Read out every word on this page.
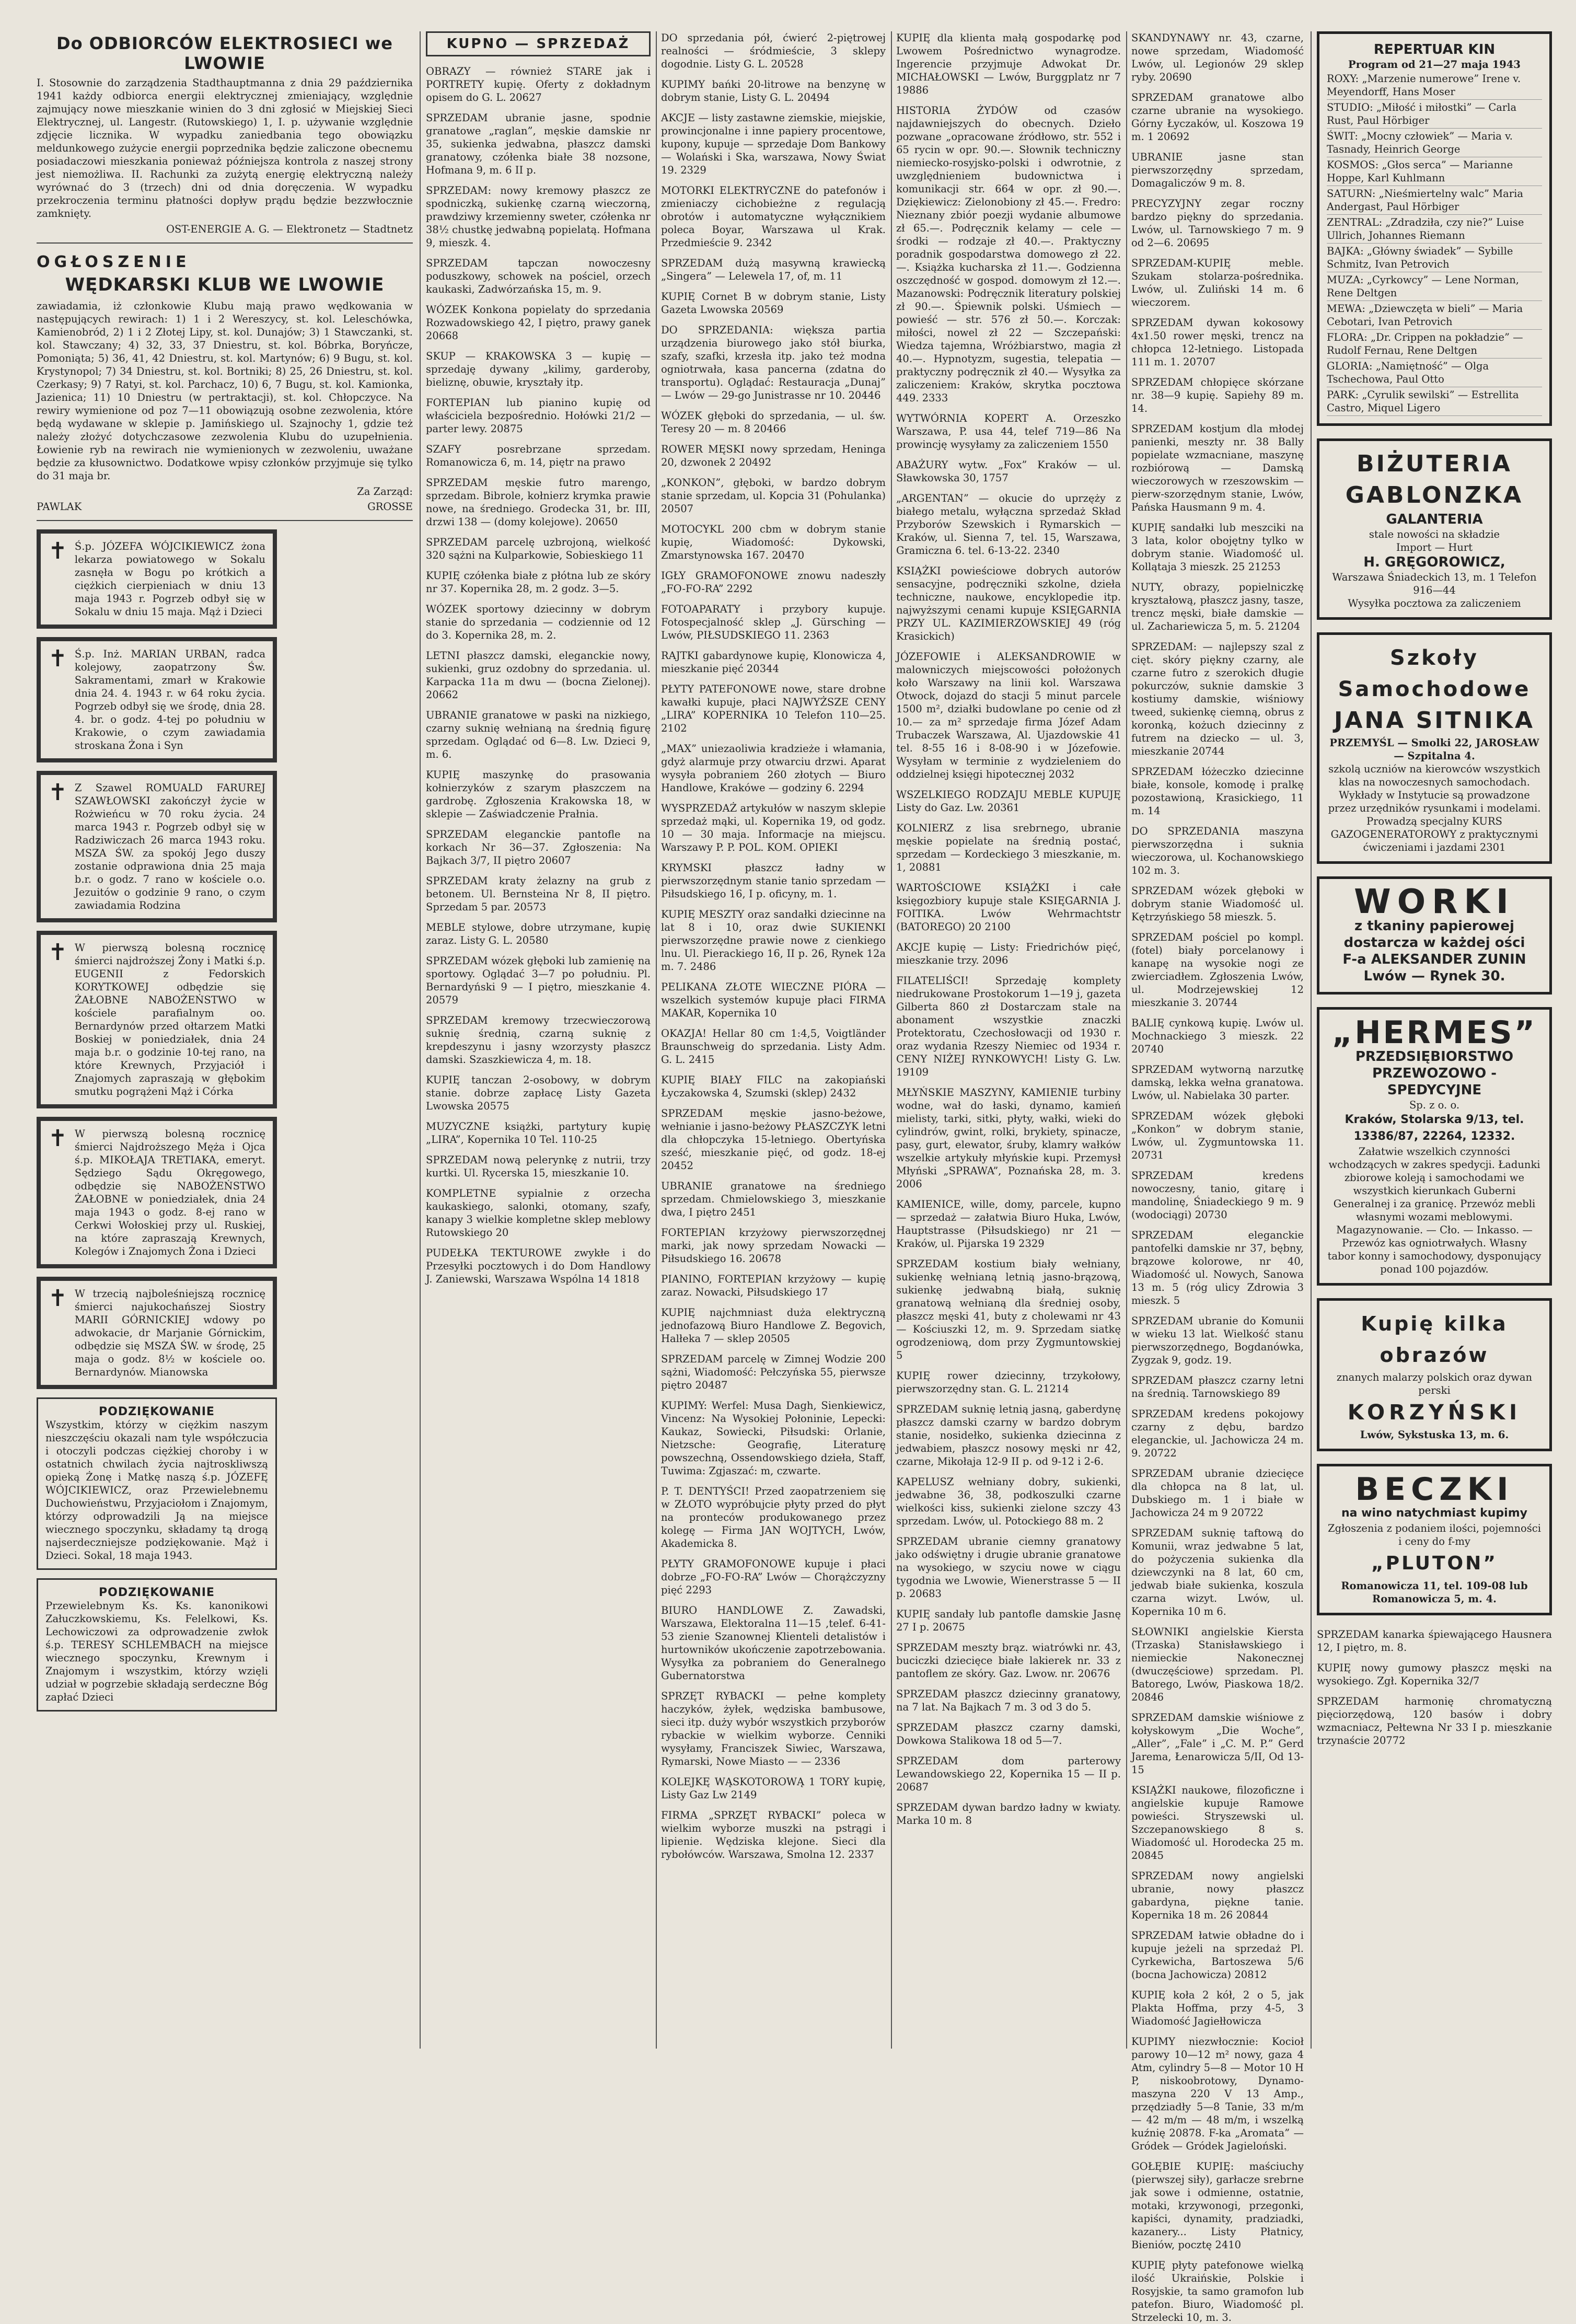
Do ODBIORCÓW ELEKTROSIECI we LWOWIE

I. Stosownie do zarządzenia Stadthauptmanna z dnia 29 października 1941 każdy odbiorca energii elektrycznej zmieniający, względnie zajmujący nowe mieszkanie winien do 3 dni zgłosić w Miejskiej Sieci Elektrycznej, ul. Langestr. (Rutowskiego) 1, I. p. używanie względnie zdjęcie licznika. W wypadku zaniedbania tego obowiązku meldunkowego zużycie energii poprzednika będzie zaliczone obecnemu posiadaczowi mieszkania ponieważ późniejsza kontrola z naszej strony jest niemożliwa. II. Rachunki za zużytą energię elektryczną należy wyrównać do 3 (trzech) dni od dnia doręczenia. W wypadku przekroczenia terminu płatności dopływ prądu będzie bezzwłocznie zamknięty.

OST-ENERGIE A. G. — Elektronetz — Stadtnetz
OGŁOSZENIE
WĘDKARSKI KLUB WE LWOWIE

zawiadamia, iż członkowie Klubu mają prawo wędkowania w następujących rewirach: 1) 1 i 2 Wereszycy, st. kol. Leleschówka, Kamienobród, 2) 1 i 2 Złotej Lipy, st. kol. Dunajów; 3) 1 Stawczanki, st. kol. Stawczany; 4) 32, 33, 37 Dniestru, st. kol. Bóbrka, Boryńcze, Pomoniąta; 5) 36, 41, 42 Dniestru, st. kol. Martynów; 6) 9 Bugu, st. kol. Krystynopol; 7) 34 Dniestru, st. kol. Bortniki; 8) 25, 26 Dniestru, st. kol. Czerkasy; 9) 7 Ratyi, st. kol. Parchacz, 10) 6, 7 Bugu, st. kol. Kamionka, Jazienica; 11) 10 Dniestru (w pertraktacji), st. kol. Chłopczyce. Na rewiry wymienione od poz 7—11 obowiązują osobne zezwolenia, które będą wydawane w sklepie p. Jamińskiego ul. Szajnochy 1, gdzie też należy złożyć dotychczasowe zezwolenia Klubu do uzupełnienia. Łowienie ryb na rewirach nie wymienionych w zezwoleniu, uważane będzie za kłusownictwo. Dodatkowe wpisy członków przyjmuje się tylko do 31 maja br.

Za Zarząd:
PAWLAK	GROSSE
✝ Ś.p. JÓZEFA WÓJCIKIEWICZ żona lekarza powiatowego w Sokalu zasnęła w Bogu po krótkich a ciężkich cierpieniach w dniu 13 maja 1943 r. Pogrzeb odbył się w Sokalu w dniu 15 maja. Mąż i Dzieci

✝ Ś.p. Inż. MARIAN URBAN, radca kolejowy, zaopatrzony Św. Sakramentami, zmarł w Krakowie dnia 24. 4. 1943 r. w 64 roku życia. Pogrzeb odbył się we środę, dnia 28. 4. br. o godz. 4-tej po południu w Krakowie, o czym zawiadamia stroskana Żona i Syn

✝ Z Szawel ROMUALD FARUREJ SZAWŁOWSKI zakończył życie w Rożwieńcu w 70 roku życia. 24 marca 1943 r. Pogrzeb odbył się w Radziwiczach 26 marca 1943 roku. MSZA ŚW. za spokój Jego duszy zostanie odprawiona dnia 25 maja b.r. o godz. 7 rano w kościele o.o. Jezuitów o godzinie 9 rano, o czym zawiadamia Rodzina

✝ W pierwszą bolesną rocznicę śmierci najdroższej Żony i Matki ś.p. EUGENII z Fedorskich KORYTKOWEJ odbędzie się ŻAŁOBNE NABOŻEŃSTWO w kościele parafialnym oo. Bernardynów przed ołtarzem Matki Boskiej w poniedziałek, dnia 24 maja b.r. o godzinie 10-tej rano, na które Krewnych, Przyjaciół i Znajomych zapraszają w głębokim smutku pogrążeni Mąż i Córka

✝ W pierwszą bolesną rocznicę śmierci Najdroższego Męża i Ojca ś.p. MIKOŁAJA TRETIAKA, emeryt. Sędziego Sądu Okręgowego, odbędzie się NABOŻEŃSTWO ŻAŁOBNE w poniedziałek, dnia 24 maja 1943 o godz. 8-ej rano w Cerkwi Wołoskiej przy ul. Ruskiej, na które zapraszają Krewnych, Kolegów i Znajomych Żona i Dzieci

✝ W trzecią najboleśniejszą rocznicę śmierci najukochańszej Siostry MARII GÓRNICKIEJ wdowy po adwokacie, dr Marjanie Górnickim, odbędzie się MSZA ŚW. w środę, 25 maja o godz. 8½ w kościele oo. Bernardynów. Mianowska

PODZIĘKOWANIE

Wszystkim, którzy w ciężkim naszym nieszczęściu okazali nam tyle współczucia i otoczyli podczas ciężkiej choroby i w ostatnich chwilach życia najtroskliwszą opieką Żonę i Matkę naszą ś.p. JÓZEFĘ WÓJCIKIEWICZ, oraz Przewielebnemu Duchowieństwu, Przyjaciołom i Znajomym, którzy odprowadzili Ją na miejsce wiecznego spoczynku, składamy tą drogą najserdeczniejsze podziękowanie. Mąż i Dzieci. Sokal, 18 maja 1943.

PODZIĘKOWANIE

Przewielebnym Ks. Ks. kanonikowi Załuczkowskiemu, Ks. Felelkowi, Ks. Lechowiczowi za odprowadzenie zwłok ś.p. TERESY SCHLEMBACH na miejsce wiecznego spoczynku, Krewnym i Znajomym i wszystkim, którzy wzięli udział w pogrzebie składają serdeczne Bóg zapłać Dzieci

KUPNO — SPRZEDAŻ
OBRAZY — również STARE jak i PORTRETY kupię. Oferty z dokładnym opisem do G. L. 20627
SPRZEDAM ubranie jasne, spodnie granatowe „raglan”, męskie damskie nr 35, sukienka jedwabna, płaszcz damski granatowy, czółenka białe 38 nozsone, Hofmana 9, m. 6 II p.
SPRZEDAM: nowy kremowy płaszcz ze spodniczką, sukienkę czarną wieczorną, prawdziwy krzemienny sweter, czółenka nr 38½ chustkę jedwabną popielatą. Hofmana 9, mieszk. 4.
SPRZEDAM tapczan nowoczesny poduszkowy, schowek na pościel, orzech kaukaski, Zadwórzańska 15, m. 9.
WÓZEK Konkona popielaty do sprzedania Rozwadowskiego 42, I piętro, prawy ganek 20668
SKUP — KRAKOWSKA 3 — kupię — sprzedaję dywany „kilimy, garderoby, bieliznę, obuwie, kryształy itp.
FORTEPIAN lub pianino kupię od właściciela bezpośrednio. Hołówki 21/2 — parter lewy. 20875
SZAFY posrebrzane sprzedam. Romanowicza 6, m. 14, piętr na prawo
SPRZEDAM męskie futro marengo, sprzedam. Bibrole, kołnierz krymka prawie nowe, na średniego. Grodecka 31, br. III, drzwi 138 — (domy kolejowe). 20650
SPRZEDAM parcelę uzbrojoną, wielkość 320 sążni na Kulparkowie, Sobieskiego 11
KUPIĘ czółenka białe z płótna lub ze skóry nr 37. Kopernika 28, m. 2 godz. 3—5.
WÓZEK sportowy dziecinny w dobrym stanie do sprzedania — codziennie od 12 do 3. Kopernika 28, m. 2.
LETNI płaszcz damski, eleganckie nowy, sukienki, gruz ozdobny do sprzedania. ul. Karpacka 11a m dwu — (bocna Zielonej). 20662
UBRANIE granatowe w paski na nizkiego, czarny suknię wełnianą na średnią figurę sprzedam. Oglądać od 6—8. Lw. Dzieci 9, m. 6.
KUPIĘ maszynkę do prasowania kołnierzyków z szarym płaszczem na gardrobę. Zgłoszenia Krakowska 18, w sklepie — Zaświadczenie Prałnia.
SPRZEDAM eleganckie pantofle na korkach Nr 36—37. Zgłoszenia: Na Bajkach 3/7, II piętro 20607
SPRZEDAM kraty żelazny na grub z betonem. Ul. Bernsteina Nr 8, II piętro. Sprzedam 5 par. 20573
MEBLE stylowe, dobre utrzymane, kupię zaraz. Listy G. L. 20580
SPRZEDAM wózek głęboki lub zamienię na sportowy. Oglądać 3—7 po południu. Pl. Bernardyński 9 — I piętro, mieszkanie 4. 20579
SPRZEDAM kremowy trzecwieczorową suknię średnią, czarną suknię z krepdeszynu i jasny wzorzysty płaszcz damski. Szaszkiewicza 4, m. 18.
KUPIĘ tanczan 2-osobowy, w dobrym stanie. dobrze zapłacę Listy Gazeta Lwowska 20575
MUZYCZNE książki, partytury kupię „LIRA”, Kopernika 10 Tel. 110-25
SPRZEDAM nową pelerynkę z nutrii, trzy kurtki. Ul. Rycerska 15, mieszkanie 10.
KOMPLETNE sypialnie z orzecha kaukaskiego, salonki, otomany, szafy, kanapy 3 wielkie kompletne sklep meblowy Rutowskiego 20
PUDEŁKA TEKTUROWE zwykłe i do Przesyłki pocztowych i do Dom Handlowy J. Zaniewski, Warszawa Wspólna 14 1818
DO sprzedania pół, ćwierć 2-piętrowej realności — śródmieście, 3 sklepy dogodnie. Listy G. L. 20528
KUPIMY bańki 20-litrowe na benzynę w dobrym stanie, Listy G. L. 20494
AKCJE — listy zastawne ziemskie, miejskie, prowincjonalne i inne papiery procentowe, kupony, kupuje — sprzedaje Dom Bankowy — Wolański i Ska, warszawa, Nowy Świat 19. 2329
MOTORKI ELEKTRYCZNE do patefonów i zmieniaczy cichobieżne z regulacją obrotów i automatyczne wyłącznikiem poleca Boyar, Warszawa ul Krak. Przedmieście 9. 2342
SPRZEDAM dużą masywną krawiecką „Singera” — Lelewela 17, of, m. 11
KUPIĘ Cornet B w dobrym stanie, Listy Gazeta Lwowska 20569
DO SPRZEDANIA: większa partia urządzenia biurowego jako stół biurka, szafy, szafki, krzesła itp. jako też modna ogniotrwała, kasa pancerna (zdatna do transportu). Oglądać: Restauracja „Dunaj” — Lwów — 29-go Junistrasse nr 10. 20446
WÓZEK głęboki do sprzedania, — ul. św. Teresy 20 — m. 8 20466
ROWER MĘSKI nowy sprzedam, Heninga 20, dzwonek 2 20492
„KONKON”, głęboki, w bardzo dobrym stanie sprzedam, ul. Kopcia 31 (Pohulanka) 20507
MOTOCYKL 200 cbm w dobrym stanie kupię, Wiadomość: Dykowski, Zmarstynowska 167. 20470
IGŁY GRAMOFONOWE znowu nadeszły „FO-FO-RA” 2292
FOTOAPARATY i przybory kupuje. Fotospecjalność sklep „J. Gürsching — Lwów, PIŁSUDSKIEGO 11. 2363
RAJTKI gabardynowe kupię, Klonowicza 4, mieszkanie pięć 20344
PŁYTY PATEFONOWE nowe, stare drobne kawałki kupuje, płaci NAJWYŻSZE CENY „LIRA” KOPERNIKA 10 Telefon 110—25. 2102
„MAX” uniezaoliwia kradzieże i włamania, gdyż alarmuje przy otwarciu drzwi. Aparat wysyła pobraniem 260 złotych — Biuro Handlowe, Krakówe — godziny 6. 2294
WYSPRZEDAŻ artykułów w naszym sklepie sprzedaż mąki, ul. Kopernika 19, od godz. 10 — 30 maja. Informacje na miejscu. Warszawy P. P. POL. KOM. OPIEKI
KRYMSKI płaszcz ładny w pierwszorzędnym stanie tanio sprzedam — Piłsudskiego 16, I p. oficyny, m. 1.
KUPIĘ MESZTY oraz sandałki dziecinne na lat 8 i 10, oraz dwie SUKIENKI pierwszorzędne prawie nowe z cienkiego lnu. Ul. Pierackiego 16, II p. 26, Rynek 12a m. 7. 2486
PELIKANA ZŁOTE WIECZNE PIÓRA — wszelkich systemów kupuje płaci FIRMA MAKAR, Kopernika 10
OKAZJA! Hellar 80 cm 1:4,5, Voigtländer Braunschweig do sprzedania. Listy Adm. G. L. 2415
KUPIĘ BIAŁY FILC na zakopiański Łyczakowska 4, Szumski (sklep) 2432
SPRZEDAM męskie jasno-beżowe, wełnianie i jasno-beżowy PŁASZCZYK letni dla chłopczyka 15-letniego. Obertyńska sześć, mieszkanie pięć, od godz. 18-ej 20452
UBRANIE granatowe na średniego sprzedam. Chmielowskiego 3, mieszkanie dwa, I piętro 2451
FORTEPIAN krzyżowy pierwszorzędnej marki, jak nowy sprzedam Nowacki — Piłsudskiego 16. 20678
PIANINO, FORTEPIAN krzyżowy — kupię zaraz. Nowacki, Piłsudskiego 17
KUPIĘ najchmniast duża elektryczną jednofazową Biuro Handlowe Z. Begovich, Halłeka 7 — sklep 20505
SPRZEDAM parcelę w Zimnej Wodzie 200 sążni, Wiadomość: Pełczyńska 55, pierwsze piętro 20487
KUPIMY: Werfel: Musa Dagh, Sienkiewicz, Vincenz: Na Wysokiej Połoninie, Lepecki: Kaukaz, Sowiecki, Piłsudski: Orlanie, Nietzsche: Geografię, Literaturę powszechną, Ossendowskiego dzieła, Staff, Tuwima: Zgjaszać: m, czwarte.
P. T. DENTYŚCI! Przed zaopatrzeniem się w ZŁOTO wypróbujcie płyty przed do płyt na pronteców produkowanego przez kolegę — Firma JAN WOJTYCH, Lwów, Akademicka 8.
PŁYTY GRAMOFONOWE kupuje i płaci dobrze „FO-FO-RA” Lwów — Chorążczyzny pięć 2293
BIURO HANDLOWE Z. Zawadski, Warszawa, Elektoralna 11—15 ,telef. 6-41-53 zienie Szanownej Klienteli detalistów i hurtowników ukończenie zapotrzebowania. Wysyłka za pobraniem do Generalnego Gubernatorstwa
SPRZĘT RYBACKI — pełne komplety haczyków, żyłek, wędziska bambusowe, sieci itp. duży wybór wszystkich przyborów rybackie w wielkim wyborze. Cenniki wysyłamy, Franciszek Siwiec, Warszawa, Rymarski, Nowe Miasto — — 2336
KOLEJKĘ WĄSKOTOROWĄ 1 TORY kupię, Listy Gaz Lw 2149
FIRMA „SPRZĘT RYBACKI” poleca w wielkim wyborze muszki na pstrągi i lipienie. Wędziska klejone. Sieci dla rybołówców. Warszawa, Smolna 12. 2337
KUPIĘ dla klienta małą gospodarkę pod Lwowem Pośrednictwo wynagrodze. Ingerencie przyjmuje Adwokat Dr. MICHAŁOWSKI — Lwów, Burggplatz nr 7 19886
HISTORIA ŻYDÓW od czasów najdawniejszych do obecnych. Dzieło pozwane „opracowane źródłowo, str. 552 i 65 rycin w opr. 90.—. Słownik techniczny niemiecko-rosyjsko-polski i odwrotnie, z uwzględnieniem budownictwa i komunikacji str. 664 w opr. zł 90.—. Dziękiewicz: Zielonobiony zł 45.—. Fredro: Nieznany zbiór poezji wydanie albumowe zł 65.—. Podręcznik kelamy — cele — środki — rodzaje zł 40.—. Praktyczny poradnik gospodarstwa domowego zł 22.—. Książka kucharska zł 11.—. Godzienna oszczędność w gospod. domowym zł 12.—. Mazanowski: Podręcznik literatury polskiej zł 90.—. Śpiewnik polski. Uśmiech — powieść — str. 576 zł 50.—. Korczak: miłości, nowel zł 22 — Szczepański: Wiedza tajemna, Wróżbiarstwo, magia zł 40.—. Hypnotyzm, sugestia, telepatia — praktyczny podręcznik zł 40.— Wysyłka za zaliczeniem: Kraków, skrytka pocztowa 449. 2333
WYTWÓRNIA KOPERT A. Orzeszko Warszawa, P. usa 44, telef 719—86 Na prowincję wysyłamy za zaliczeniem 1550
ABAŻURY wytw. „Fox” Kraków — ul. Sławkowska 30, 1757
„ARGENTAN” — okucie do uprzęży z białego metalu, wyłączna sprzedaż Skład Przyborów Szewskich i Rymarskich — Kraków, ul. Sienna 7, tel. 15, Warszawa, Gramiczna 6. tel. 6-13-22. 2340
KSIĄŻKI powieściowe dobrych autorów sensacyjne, podręczniki szkolne, dzieła techniczne, naukowe, encyklopedie itp. najwyższymi cenami kupuje KSIĘGARNIA PRZY UL. KAZIMIERZOWSKIEJ 49 (róg Krasickich)
JÓZEFOWIE i ALEKSANDROWIE w malowniczych miejscowości położonych koło Warszawy na linii kol. Warszawa Otwock, dojazd do stacji 5 minut parcele 1500 m², działki budowlane po cenie od zł 10.— za m² sprzedaje firma Józef Adam Trubaczek Warszawa, Al. Ujazdowskie 41 tel. 8-55 16 i 8-08-90 i w Józefowie. Wysyłam w terminie z wydzieleniem do oddzielnej księgi hipotecznej 2032
WSZELKIEGO RODZAJU MEBLE KUPUJĘ Listy do Gaz. Lw. 20361
KOLNIERZ z lisa srebrnego, ubranie męskie popielate na średnią postać, sprzedam — Kordeckiego 3 mieszkanie, m. 1, 20881
WARTOŚCIOWE KSIĄŻKI i całe księgozbiory kupuje stale KSIĘGARNIA J. FOITIKA. Lwów Wehrmachtstr (BATOREGO) 20 2100
AKCJE kupię — Listy: Friedrichów pięć, mieszkanie trzy. 2096
FILATELIŚCI! Sprzedaję komplety niedrukowane Prostokorum 1—19 j, gazeta Gilberta 860 zł Dostarczam stale na abonament wszystkie znaczki Protektoratu, Czechosłowacji od 1930 r. oraz wydania Rzeszy Niemiec od 1934 r. CENY NIŻEJ RYNKOWYCH! Listy G. Lw. 19109
MŁYŃSKIE MASZYNY, KAMIENIE turbiny wodne, wał do łaski, dynamo, kamień mielisty, tarki, sitki, płyty, wałki, wieki do cylindrów, gwint, rolki, brykiety, spinacze, pasy, gurt, elewator, śruby, klamry wałków wszelkie artykuły młyńskie kupi. Przemysł Młyński „SPRAWA”, Poznańska 28, m. 3. 2006
KAMIENICE, wille, domy, parcele, kupno — sprzedaż — załatwia Biuro Huka, Lwów, Hauptstrasse (Piłsudskiego) nr 21 — Kraków, ul. Pijarska 19 2329
SPRZEDAM kostium biały wełniany, sukienkę wełnianą letnią jasno-brązową, sukienkę jedwabną białą, suknię granatową wełnianą dla średniej osoby, płaszcz męski 41, buty z cholewami nr 43 — Kościuszki 12, m. 9. Sprzedam siatkę ogrodzeniową, dom przy Zygmuntowskiej 5
KUPIĘ rower dziecinny, trzykołowy, pierwszorzędny stan. G. L. 21214
SPRZEDAM suknię letnią jasną, gaberdynę płaszcz damski czarny w bardzo dobrym stanie, nosidełko, sukienka dziecinna z jedwabiem, płaszcz nosowy męski nr 42, czarne, Mikołaja 12-9 II p. od 9-12 i 2-6.
KAPELUSZ wełniany dobry, sukienki, jedwabne 36, 38, podkoszulki czarne wielkości kiss, sukienki zielone szczy 43 sprzedam. Lwów, ul. Potockiego 88 m. 2
SPRZEDAM ubranie ciemny granatowy jako odświętny i drugie ubranie granatowe na wysokiego, w szyciu nowe w ciągu tygodnia we Lwowie, Wienerstrasse 5 — II p. 20683
KUPIĘ sandały lub pantofle damskie Jasnę 27 I p. 20675
SPRZEDAM meszty brąz. wiatrówki nr. 43, buciczki dziecięce białe lakierek nr. 33 z pantoflem ze skóry. Gaz. Lwow. nr. 20676
SPRZEDAM płaszcz dziecinny granatowy, na 7 lat. Na Bajkach 7 m. 3 od 3 do 5.
SPRZEDAM płaszcz czarny damski, Dowkowa Stalikowa 18 od 5—7.
SPRZEDAM dom parterowy Lewandowskiego 22, Kopernika 15 — II p. 20687
SPRZEDAM dywan bardzo ładny w kwiaty. Marka 10 m. 8
SKANDYNAWY nr. 43, czarne, nowe sprzedam, Wiadomość Lwów, ul. Legionów 29 sklep ryby. 20690
SPRZEDAM granatowe albo czarne ubranie na wysokiego. Górny Łyczaków, ul. Koszowa 19 m. 1 20692
UBRANIE jasne stan pierwszorzędny sprzedam, Domagaliczów 9 m. 8.
PRECYZYJNY zegar roczny bardzo piękny do sprzedania. Lwów, ul. Tarnowskiego 7 m. 9 od 2—6. 20695
SPRZEDAM-KUPIĘ meble. Szukam stolarza-pośrednika. Lwów, ul. Zuliński 14 m. 6 wieczorem.
SPRZEDAM dywan kokosowy 4x1.50 rower męski, trencz na chłopca 12-letniego. Listopada 111 m. 1. 20707
SPRZEDAM chłopięce skórzane nr. 38—9 kupię. Sapiehy 89 m. 14.
SPRZEDAM kostjum dla młodej panienki, meszty nr. 38 Bally popielate wzmacniane, maszynę rozbiórową — Damską wieczorowych w rzeszowskim — pierw-szorzędnym stanie, Lwów, Pańska Hausmann 9 m. 4.
KUPIĘ sandałki lub meszciki na 3 lata, kolor obojętny tylko w dobrym stanie. Wiadomość ul. Kollątaja 3 mieszk. 25 21253
NUTY, obrazy, popielniczkę kryształową, płaszcz jasny, tasze, trencz męski, białe damskie — ul. Zachariewicza 5, m. 5. 21204
SPRZEDAM: — najlepszy szal z cięt. skóry piękny czarny, ale czarne futro z szerokich długie pokurczów, suknie damskie 3 kostiumy damskie, wiśniowy tweed, sukienkę ciemną, obrus z koronką, kożuch dziecinny z futrem na dziecko — ul. 3, mieszkanie 20744
SPRZEDAM łóżeczko dziecinne białe, konsole, komodę i pralkę pozostawioną, Krasickiego, 11 m. 14
DO SPRZEDANIA maszyna pierwszorzędna i suknia wieczorowa, ul. Kochanowskiego 102 m. 3.
SPRZEDAM wózek głęboki w dobrym stanie Wiadomość ul. Kętrzyńskiego 58 mieszk. 5.
SPRZEDAM pościel po kompl. (fotel) biały porcelanowy i kanapę na wysokie nogi ze zwierciadłem. Zgłoszenia Lwów, ul. Modrzejewskiej 12 mieszkanie 3. 20744
BALIĘ cynkową kupię. Lwów ul. Mochnackiego 3 mieszk. 22 20740
SPRZEDAM wytworną narzutkę damską, lekka wełna granatowa. Lwów, ul. Nabielaka 30 parter.
SPRZEDAM wózek głęboki „Konkon” w dobrym stanie, Lwów, ul. Zygmuntowska 11. 20731
SPRZEDAM kredens nowoczesny, tanio, gitarę i mandolinę, Śniadeckiego 9 m. 9 (wodociągi) 20730
SPRZEDAM eleganckie pantofelki damskie nr 37, bębny, brązowe kolorowe, nr 40, Wiadomość ul. Nowych, Sanowa 13 m. 5 (róg ulicy Zdrowia 3 mieszk. 5
SPRZEDAM ubranie do Komunii w wieku 13 lat. Wielkość stanu pierwszorzędnego, Bogdanówka, Zygzak 9, godz. 19.
SPRZEDAM płaszcz czarny letni na średnią. Tarnowskiego 89
SPRZEDAM kredens pokojowy czarny z dębu, bardzo eleganckie, ul. Jachowicza 24 m. 9. 20722
SPRZEDAM ubranie dziecięce dla chłopca na 8 lat, ul. Dubskiego m. 1 i białe w Jachowicza 24 m 9 20722
SPRZEDAM suknię taftową do Komunii, wraz jedwabne 5 lat, do pożyczenia sukienka dla dziewczynki na 8 lat, 60 cm, jedwab białe sukienka, koszula czarna wizyt. Lwów, ul. Kopernika 10 m 6.
SŁOWNIKI angielskie Kiersta (Trzaska) Stanisławskiego i niemieckie Nakonecznej (dwuczęściowe) sprzedam. Pl. Batorego, Lwów, Piaskowa 18/2. 20846
SPRZEDAM damskie wiśniowe z kołyskowym „Die Woche”, „Aller”, „Fale” i „C. M. P.” Gerd Jarema, Łenarowicza 5/II, Od 13-15
KSIĄŻKI naukowe, filozoficzne i angielskie kupuje Ramowe powieści. Stryszewski ul. Szczepanowskiego 8 s. Wiadomość ul. Horodecka 25 m. 20845
SPRZEDAM nowy angielski ubranie, nowy płaszcz gabardyna, piękne tanie. Kopernika 18 m. 26 20844
SPRZEDAM łatwie obładne do i kupuje jeżeli na sprzedaż Pl. Cyrkewicha, Bartoszewa 5/6 (bocna Jachowicza) 20812
KUPIĘ koła 2 kół, 2 o 5, jak Plakta Hoffma, przy 4-5, 3 Wiadomość Jagiełłowicza
KUPIMY niezwłocznie: Kocioł parowy 10—12 m² nowy, gaza 4 Atm, cylindry 5—8 — Motor 10 H P, niskoobrotowy, Dynamo-maszyna 220 V 13 Amp., przędziadły 5—8 Tanie, 33 m/m — 42 m/m — 48 m/m, i wszelką kuźnię 20878. F-ka „Aromata” — Gródek — Gródek Jagieloński.
GOŁĘBIE KUPIĘ: maściuchy (pierwszej siły), garłacze srebrne jak sowe i odmienne, ostatnie, motaki, krzywonogi, przegonki, kapiści, dynamity, pradziadki, kazanery... Listy Płatnicy, Bieniów, pocztę 2410
KUPIĘ płyty patefonowe wielką ilość Ukraińskie, Polskie i Rosyjskie, ta samo gramofon lub patefon. Biuro, Wiadomość pl. Strzelecki 10, m. 3.
REPERTUAR KIN
Program od 21—27 maja 1943
ROXY: „Marzenie numerowe” Irene v. Meyendorff, Hans Moser
STUDIO: „Miłość i miłostki” — Carla Rust, Paul Hörbiger
ŚWIT: „Mocny człowiek” — Maria v. Tasnady, Heinrich George
KOSMOS: „Głos serca” — Marianne Hoppe, Karl Kuhlmann
SATURN: „Nieśmiertelny walc” Maria Andergast, Paul Hörbiger
ZENTRAL: „Zdradziła, czy nie?” Luise Ullrich, Johannes Riemann
BAJKA: „Główny świadek” — Sybille Schmitz, Ivan Petrovich
MUZA: „Cyrkowcy” — Lene Norman, Rene Deltgen
MEWA: „Dziewczęta w bieli” — Maria Cebotari, Ivan Petrovich
FLORA: „Dr. Crippen na pokładzie” — Rudolf Fernau, Rene Deltgen
GLORIA: „Namiętność” — Olga Tschechowa, Paul Otto
PARK: „Cyrulik sewilski” — Estrellita Castro, Miquel Ligero
BIŻUTERIA GABLONZKA
GALANTERIA
stale nowości na składzie
Import — Hurt
H. GRĘGOROWICZ,
Warszawa Śniadeckich 13, m. 1 Telefon 916—44
Wysyłka pocztowa za zaliczeniem
Szkoły Samochodowe
JANA SITNIKA
PRZEMYŚL — Smolki 22, JAROSŁAW — Szpitalna 4.
szkolą uczniów na kierowców wszystkich klas na nowoczesnych samochodach. Wykłady w Instytucie są prowadzone przez urzędników rysunkami i modelami. Prowadzą specjalny KURS GAZOGENERATOROWY z praktycznymi ćwiczeniami i jazdami 2301
WORKI
z tkaniny papierowej
dostarcza w każdej ości
F-a ALEKSANDER ZUNIN
Lwów — Rynek 30.
„HERMES”
PRZEDSIĘBIORSTWO PRZEWOZOWO - SPEDYCYJNE
Sp. z o. o.
Kraków, Stolarska 9/13, tel. 13386/87, 22264, 12332.
Załatwie wszelkich czynności wchodzących w zakres spedycji. Ładunki zbiorowe koleją i samochodami we wszystkich kierunkach Guberni Generalnej i za granicę. Przewóz mebli własnymi wozami meblowymi. Magazynowanie. — Cło. — Inkasso. — Przewóz kas ogniotrwałych. Własny tabor konny i samochodowy, dysponujący ponad 100 pojazdów.
Kupię kilka obrazów
znanych malarzy polskich oraz dywan perski
KORZYŃSKI
Lwów, Sykstuska 13, m. 6.
BECZKI
na wino natychmiast kupimy
Zgłoszenia z podaniem ilości, pojemności i ceny do f-my
„PLUTON”
Romanowicza 11, tel. 109-08 lub Romanowicza 5, m. 4.
SPRZEDAM kanarka śpiewającego Hausnera 12, I piętro, m. 8.
KUPIĘ nowy gumowy płaszcz męski na wysokiego. Zgł. Kopernika 32/7
SPRZEDAM harmonię chromatyczną pięciorzędową, 120 basów i dobry wzmacniacz, Pełtewna Nr 33 I p. mieszkanie trzynaście 20772
